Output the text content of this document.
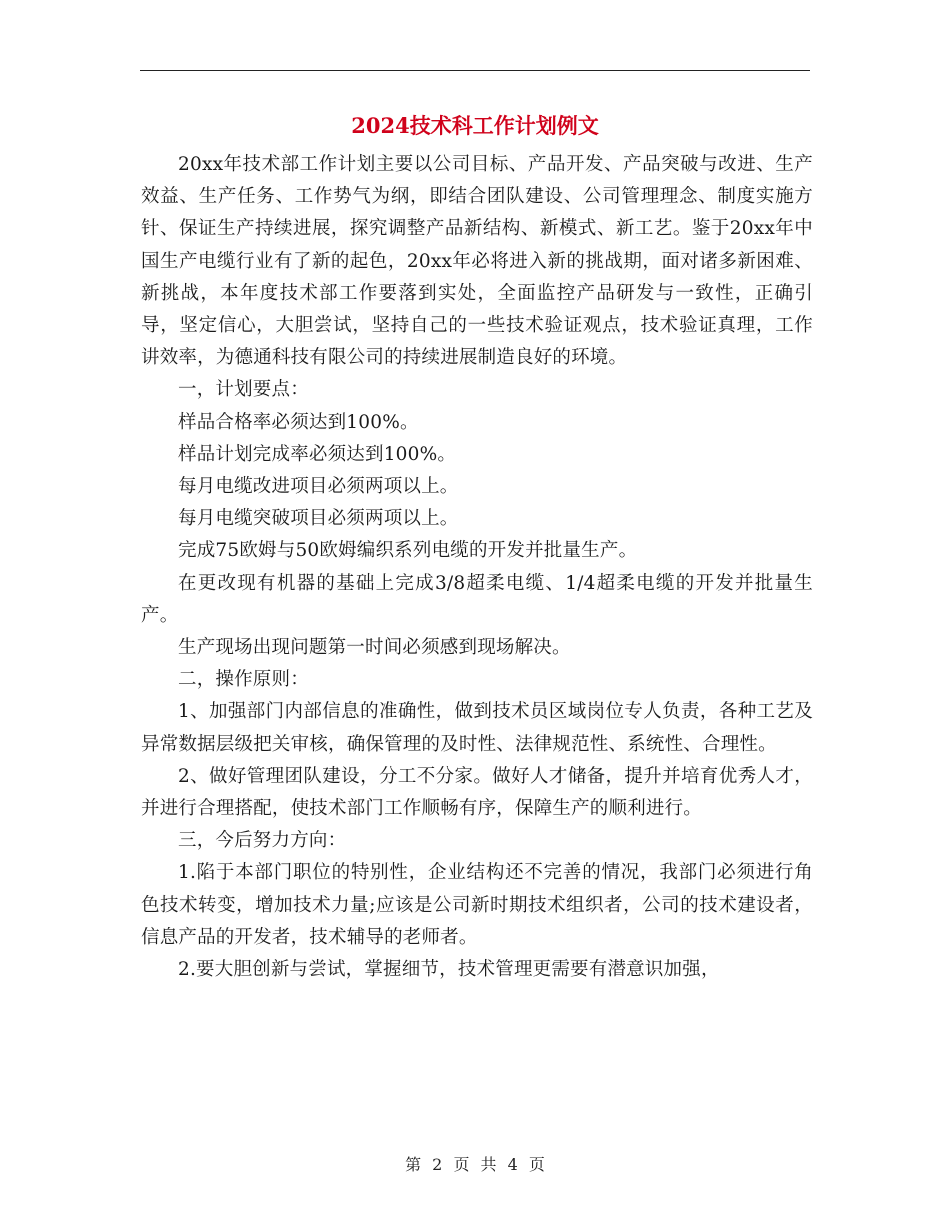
2024技术科工作计划例文

20xx年技术部工作计划主要以公司目标、产品开发、产品突破与改进、生产效益、生产任务、工作势气为纲，即结合团队建设、公司管理理念、制度实施方针、保证生产持续进展，探究调整产品新结构、新模式、新工艺。鉴于20xx年中国生产电缆行业有了新的起色，20xx年必将进入新的挑战期，面对诸多新困难、新挑战，本年度技术部工作要落到实处，全面监控产品研发与一致性，正确引导，坚定信心，大胆尝试，坚持自己的一些技术验证观点，技术验证真理，工作讲效率，为德通科技有限公司的持续进展制造良好的环境。

一，计划要点：

样品合格率必须达到100%。

样品计划完成率必须达到100%。

每月电缆改进项目必须两项以上。

每月电缆突破项目必须两项以上。

完成75欧姆与50欧姆编织系列电缆的开发并批量生产。

在更改现有机器的基础上完成3/8超柔电缆、1/4超柔电缆的开发并批量生产。

生产现场出现问题第一时间必须感到现场解决。

二，操作原则：

1、加强部门内部信息的准确性，做到技术员区域岗位专人负责，各种工艺及异常数据层级把关审核，确保管理的及时性、法律规范性、系统性、合理性。

2、做好管理团队建设，分工不分家。做好人才储备，提升并培育优秀人才，并进行合理搭配，使技术部门工作顺畅有序，保障生产的顺利进行。

三，今后努力方向：

1.陷于本部门职位的特别性，企业结构还不完善的情况，我部门必须进行角色技术转变，增加技术力量;应该是公司新时期技术组织者，公司的技术建设者，信息产品的开发者，技术辅导的老师者。

2.要大胆创新与尝试，掌握细节，技术管理更需要有潜意识加强，

第 2 页 共 4 页
